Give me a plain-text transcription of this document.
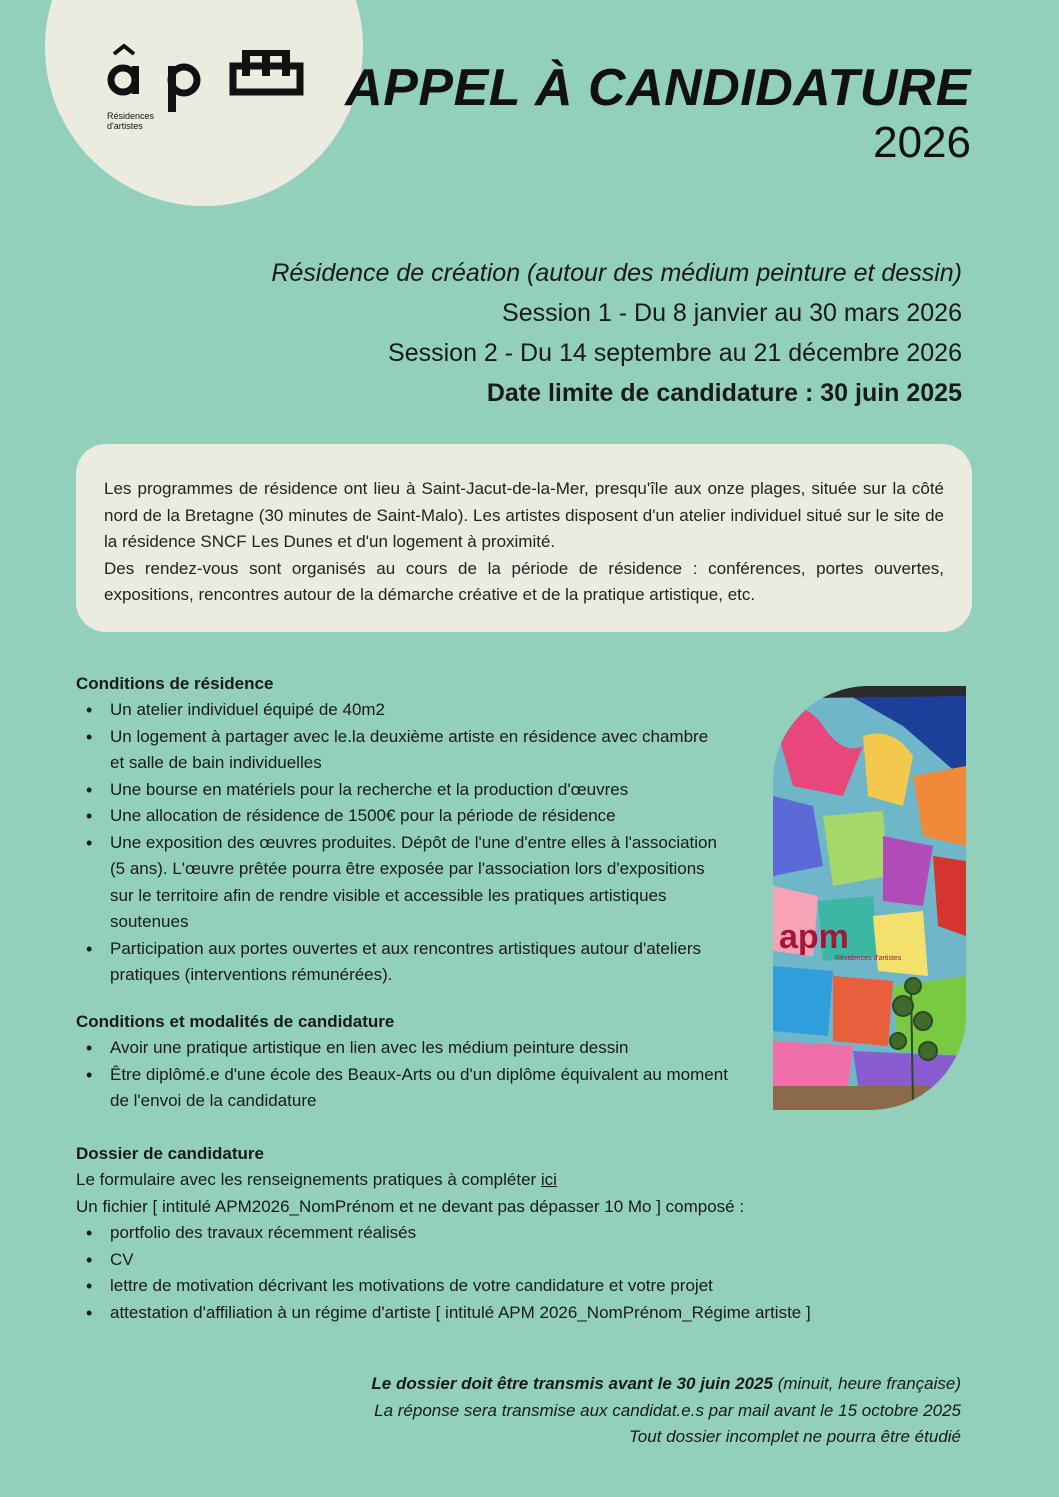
Résidences d'artistes
APPEL À CANDIDATURE
2026
Résidence de création (autour des médium peinture et dessin)
Session 1 - Du 8 janvier au 30 mars 2026
Session 2 - Du 14 septembre au 21 décembre 2026
Date limite de candidature : 30 juin 2025

Les programmes de résidence ont lieu à Saint-Jacut-de-la-Mer, presqu'île aux onze plages, située sur la côté nord de la Bretagne (30 minutes de Saint-Malo). Les artistes disposent d'un atelier individuel situé sur le site de la résidence SNCF Les Dunes et d'un logement à proximité.

Des rendez-vous sont organisés au cours de la période de résidence : conférences, portes ouvertes, expositions, rencontres autour de la démarche créative et de la pratique artistique, etc.

Conditions de résidence
• Un atelier individuel équipé de 40m2
• Un logement à partager avec le.la deuxième artiste en résidence avec chambre et salle de bain individuelles
• Une bourse en matériels pour la recherche et la production d'œuvres
• Une allocation de résidence de 1500€ pour la période de résidence
• Une exposition des œuvres produites. Dépôt de l'une d'entre elles à l'association (5 ans). L'œuvre prêtée pourra être exposée par l'association lors d'expositions sur le territoire afin de rendre visible et accessible les pratiques artistiques soutenues
• Participation aux portes ouvertes et aux rencontres artistiques autour d'ateliers pratiques (interventions rémunérées).
Conditions et modalités de candidature
• Avoir une pratique artistique en lien avec les médium peinture dessin
• Être diplômé.e d'une école des Beaux-Arts ou d'un diplôme équivalent au moment de l'envoi de la candidature
Dossier de candidature

Le formulaire avec les renseignements pratiques à compléter ici

Un fichier [ intitulé APM2026_NomPrénom et ne devant pas dépasser 10 Mo ] composé :

• portfolio des travaux récemment réalisés
• CV
• lettre de motivation décrivant les motivations de votre candidature et votre projet
• attestation d'affiliation à un régime d'artiste [ intitulé APM 2026_NomPrénom_Régime artiste ]
apm
Résidences d'artistes
Le dossier doit être transmis avant le 30 juin 2025 (minuit, heure française)
La réponse sera transmise aux candidat.e.s par mail avant le 15 octobre 2025
Tout dossier incomplet ne pourra être étudié
